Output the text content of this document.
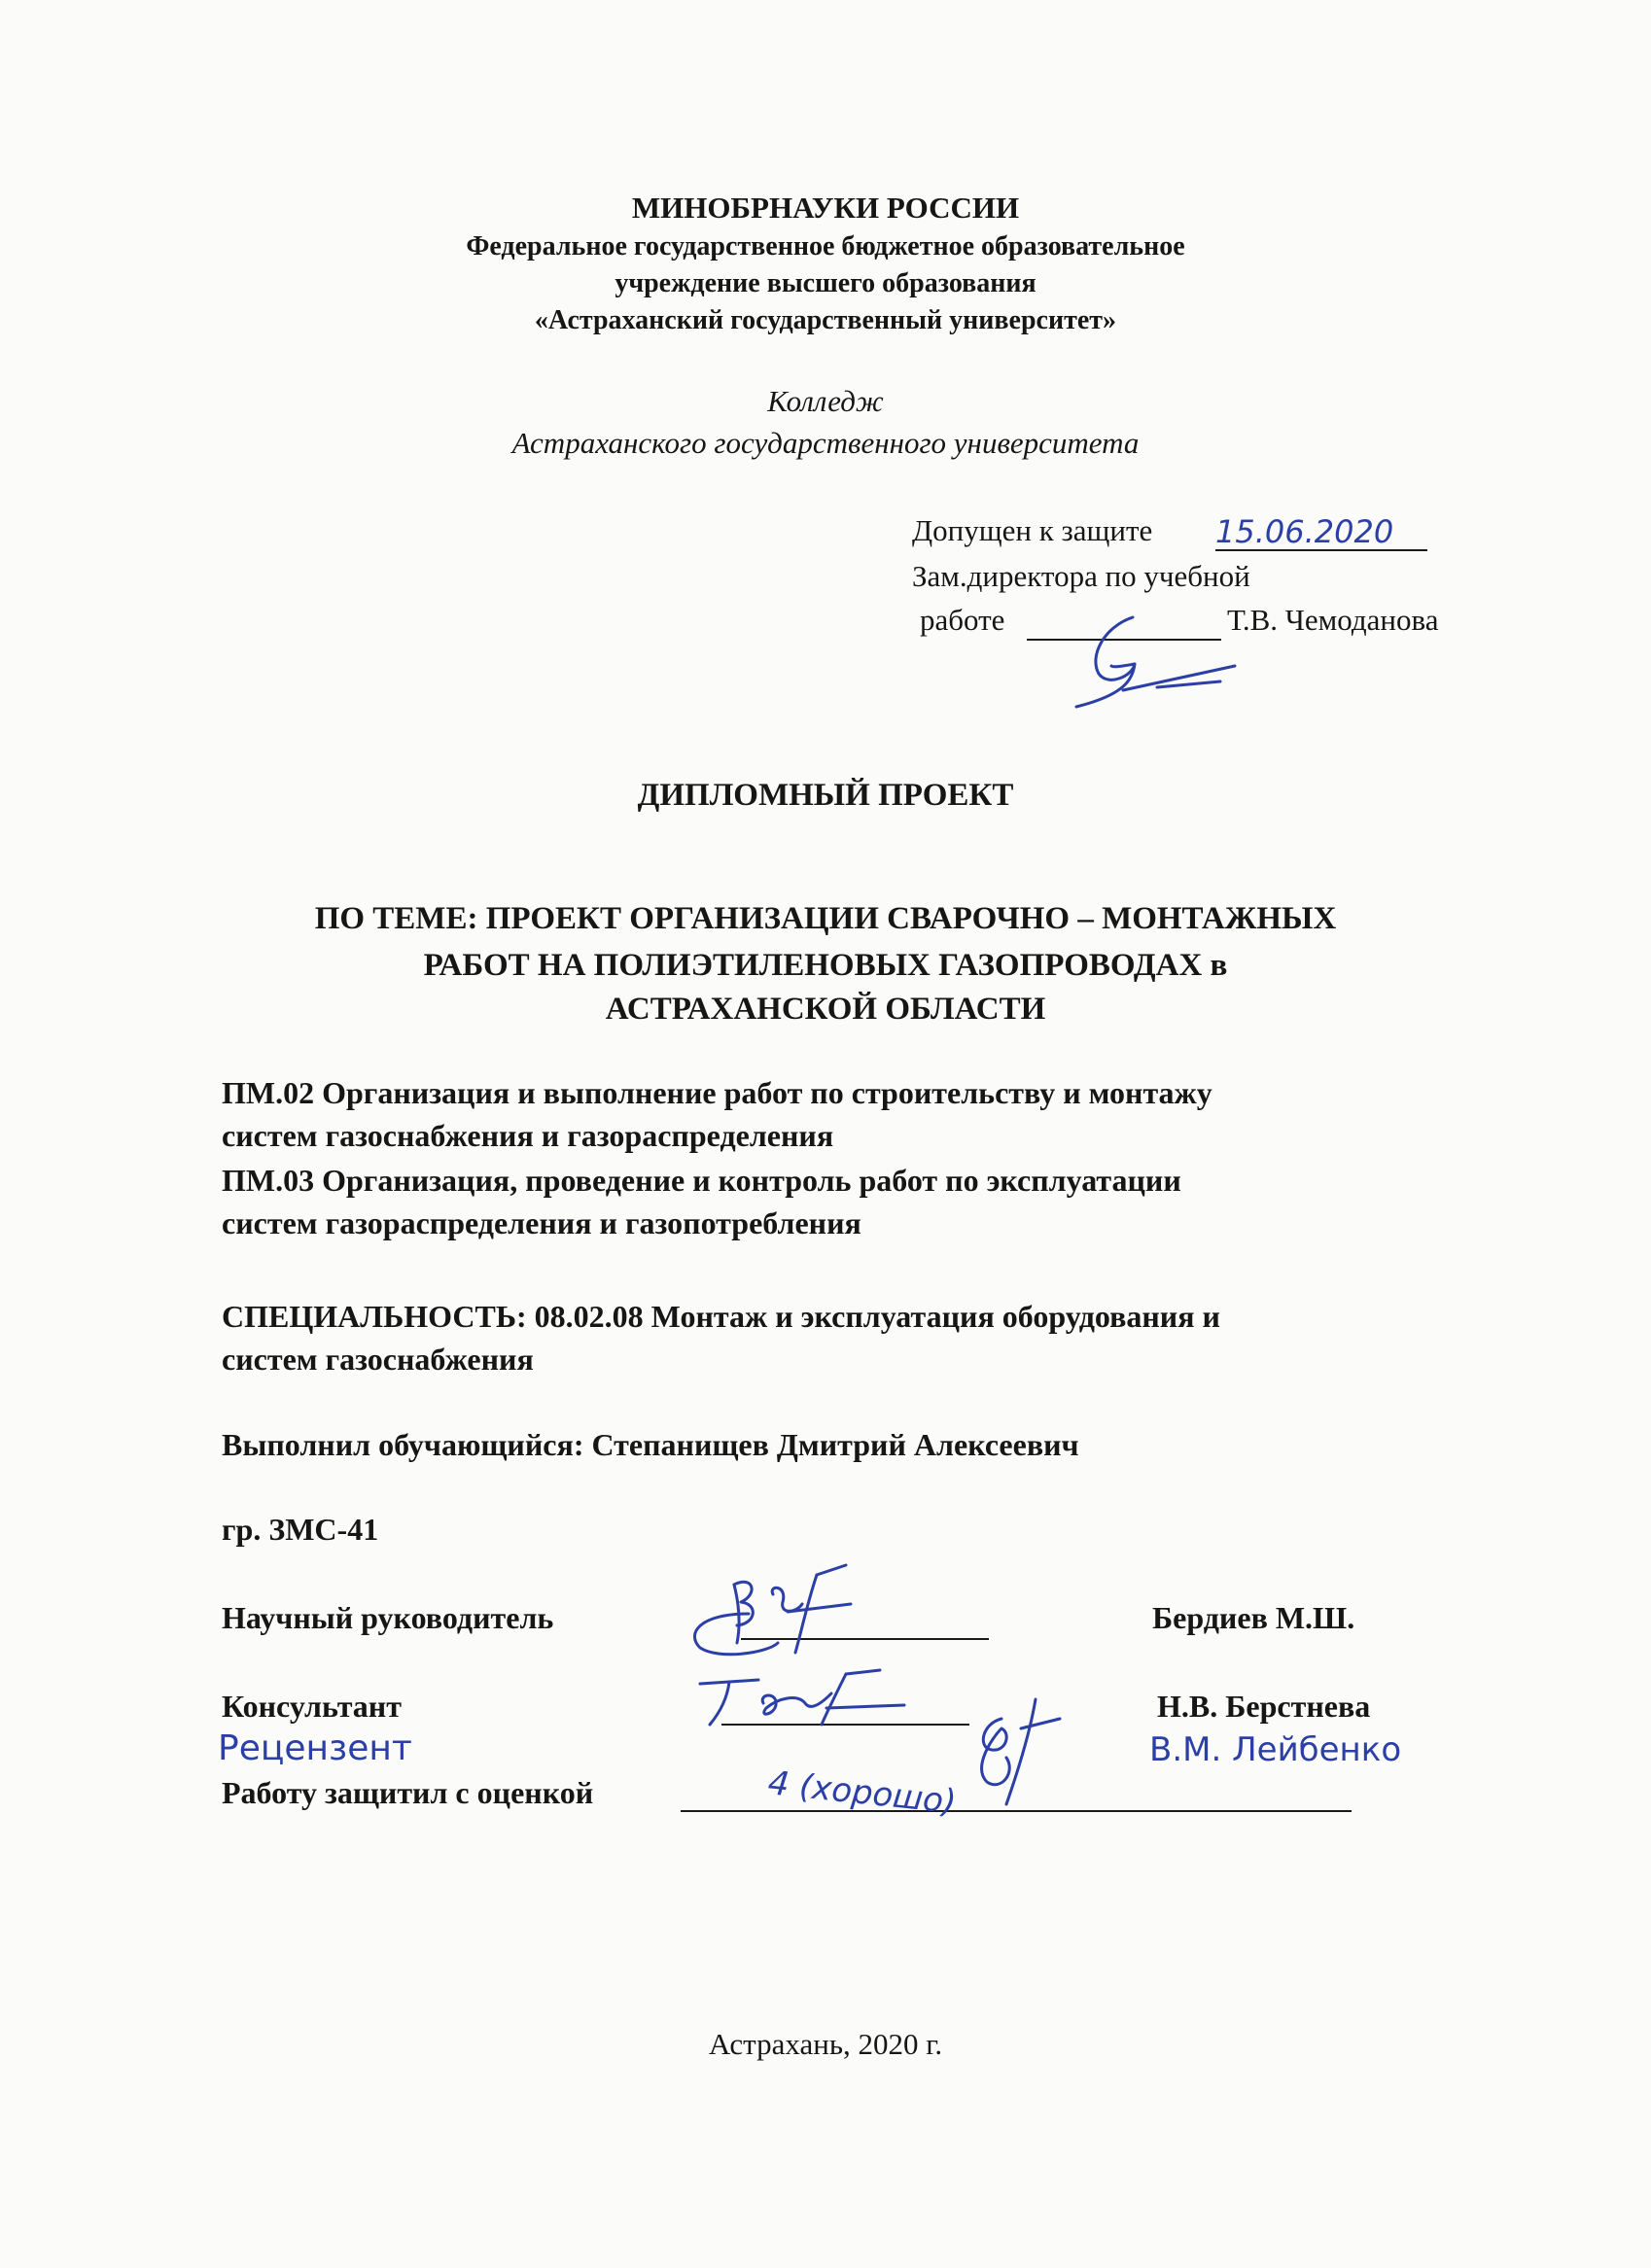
МИНОБРНАУКИ РОССИИ
Федеральное государственное бюджетное образовательное
учреждение высшего образования
«Астраханский государственный университет»
Колледж
Астраханского государственного университета
Допущен к защите 15.06.2020
Зам.директора по учебной
работе	Т.В. Чемоданова
ДИПЛОМНЫЙ ПРОЕКТ
ПО ТЕМЕ: ПРОЕКТ ОРГАНИЗАЦИИ СВАРОЧНО – МОНТАЖНЫХ
РАБОТ НА ПОЛИЭТИЛЕНОВЫХ ГАЗОПРОВОДАХ в
АСТРАХАНСКОЙ ОБЛАСТИ
ПМ.02 Организация и выполнение работ по строительству и монтажу
систем газоснабжения и газораспределения
ПМ.03 Организация, проведение и контроль работ по эксплуатации
систем газораспределения и газопотребления
СПЕЦИАЛЬНОСТЬ: 08.02.08 Монтаж и эксплуатация оборудования и
систем газоснабжения
Выполнил обучающийся: Степанищев Дмитрий Алексеевич
гр. ЗМС-41
Научный руководитель	Бердиев М.Ш.
Консультант	Н.В. Берстнева
Рецензент	В.М. Лейбенко
Работу защитил с оценкой	4 (хорошо)
Астрахань, 2020 г.
